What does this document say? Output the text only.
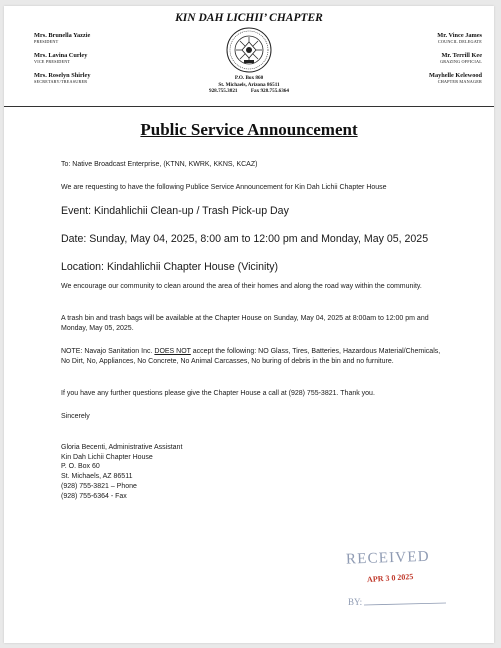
KIN DAH LICHII’ CHAPTER
Mrs. Brunella Yazzie
PRESIDENT
Mrs. Lavina Curley
VICE PRESIDENT
Mrs. Roselyn Shirley
SECRETARY/TREASURER
Mr. Vince James
COUNCIL DELEGATE
Mr. Terrill Kee
GRAZING OFFICIAL
Mayhelle Kelewood
CHAPTER MANAGER
P.O. Box 860
St. Michaels, Arizona 86511
928.755.3821	Fax 928.755.6364
Public Service Announcement
To: Native Broadcast Enterprise, (KTNN, KWRK, KKNS, KCAZ)
We are requesting to have the following Publice Service Announcement for Kin Dah Lichii Chapter House
Event: Kindahlichii Clean-up / Trash Pick-up Day
Date: Sunday, May 04, 2025, 8:00 am to 12:00 pm and Monday, May 05, 2025
Location: Kindahlichii Chapter House (Vicinity)
We encourage our community to clean around the area of their homes and along the road way within the community.
A trash bin and trash bags will be available at the Chapter House on Sunday, May 04, 2025 at 8:00am to 12:00 pm and Monday, May 05, 2025.
NOTE: Navajo Sanitation Inc. DOES NOT accept the following: NO Glass, Tires, Batteries, Hazardous Material/Chemicals, No Dirt, No, Appliances, No Concrete, No Animal Carcasses, No buring of debris in the bin and no furniture.
If you have any further questions please give the Chapter House a call at (928) 755-3821. Thank you.
Sincerely
Gloria Becenti, Administrative Assistant
Kin Dah Lichii Chapter House
P. O. Box 60
St. Michaels, AZ 86511
(928) 755-3821 – Phone
(928) 755-6364 - Fax
RECEIVED
APR 3 0 2025
BY:
